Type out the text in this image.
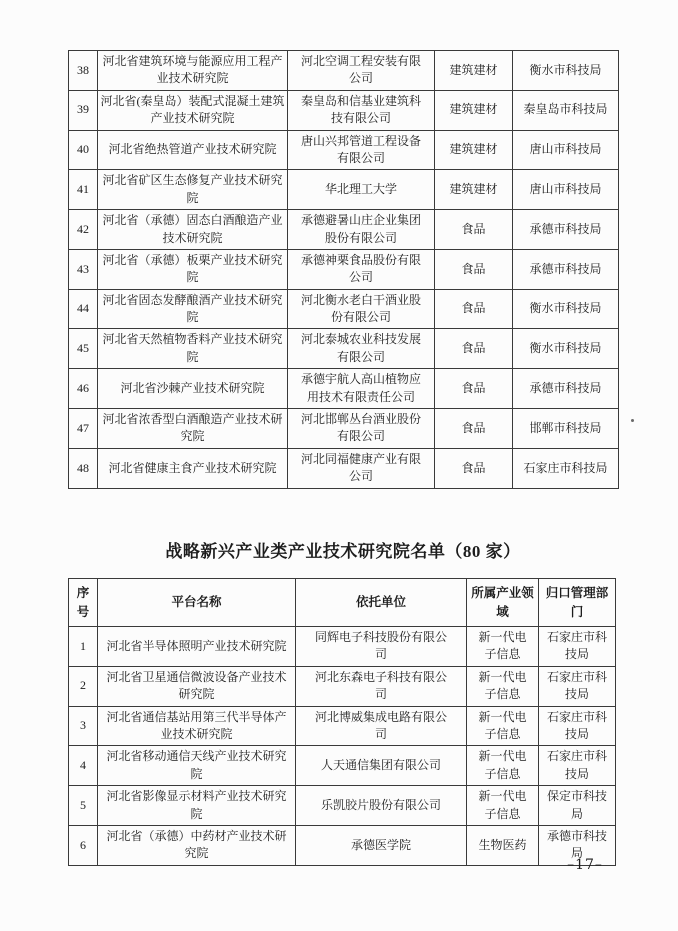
38	河北省建筑环境与能源应用工程产业技术研究院	河北空调工程安装有限公司	建筑建材	衡水市科技局
39	河北省(秦皇岛）装配式混凝土建筑产业技术研究院	秦皇岛和信基业建筑科技有限公司	建筑建材	秦皇岛市科技局
40	河北省绝热管道产业技术研究院	唐山兴邦管道工程设备有限公司	建筑建材	唐山市科技局
41	河北省矿区生态修复产业技术研究院	华北理工大学	建筑建材	唐山市科技局
42	河北省（承德）固态白酒酿造产业技术研究院	承德避暑山庄企业集团股份有限公司	食品	承德市科技局
43	河北省（承德）板栗产业技术研究院	承德神栗食品股份有限公司	食品	承德市科技局
44	河北省固态发酵酿酒产业技术研究院	河北衡水老白干酒业股份有限公司	食品	衡水市科技局
45	河北省天然植物香料产业技术研究院	河北泰城农业科技发展有限公司	食品	衡水市科技局
46	河北省沙棘产业技术研究院	承德宇航人高山植物应用技术有限责任公司	食品	承德市科技局
47	河北省浓香型白酒酿造产业技术研究院	河北邯郸丛台酒业股份有限公司	食品	邯郸市科技局
48	河北省健康主食产业技术研究院	河北同福健康产业有限公司	食品	石家庄市科技局
战略新兴产业类产业技术研究院名单（80 家）
序号	平台名称	依托单位	所属产业领域	归口管理部门
1	河北省半导体照明产业技术研究院	同辉电子科技股份有限公司	新一代电子信息	石家庄市科技局
2	河北省卫星通信微波设备产业技术研究院	河北东森电子科技有限公司	新一代电子信息	石家庄市科技局
3	河北省通信基站用第三代半导体产业技术研究院	河北博威集成电路有限公司	新一代电子信息	石家庄市科技局
4	河北省移动通信天线产业技术研究院	人天通信集团有限公司	新一代电子信息	石家庄市科技局
5	河北省影像显示材料产业技术研究院	乐凯胶片股份有限公司	新一代电子信息	保定市科技局
6	河北省（承德）中药材产业技术研究院	承德医学院	生物医药	承德市科技局
–17–
